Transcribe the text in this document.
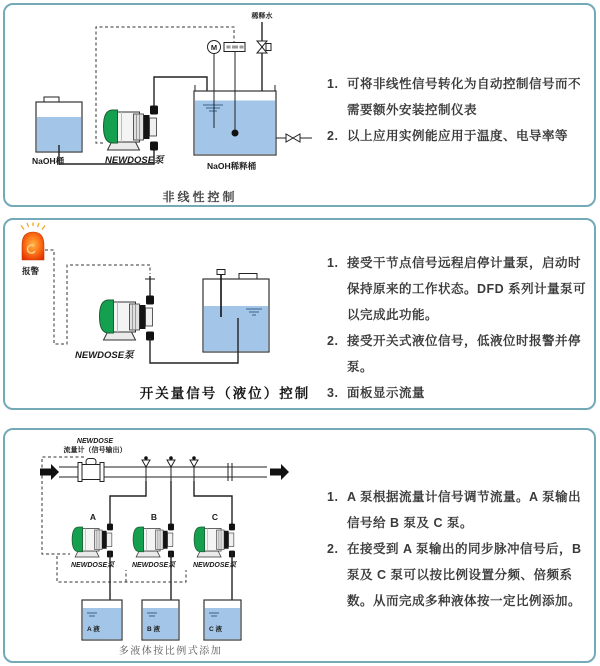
NaOH桶	NEWDOSE泵	NaOH稀释桶
M
稀释水
非线性控制
1. 可将非线性信号转化为自动控制信号而不需要额外安装控制仪表
2. 以上应用实例能应用于温度、电导率等
报警
NEWDOSE泵
开关量信号（液位）控制
1. 接受干节点信号远程启停计量泵，启动时保持原来的工作状态。DFD 系列计量泵可以完成此功能。
2. 接受开关式液位信号，低液位时报警并停泵。
3. 面板显示流量
NEWDOSE
流量计（信号输出）
A
NEWDOSE泵
B
NEWDOSE泵
C
NEWDOSE泵
A 液	B 液	C 液
多液体按比例式添加
1. A 泵根据流量计信号调节流量。A 泵输出信号给 B 泵及 C 泵。
2. 在接受到 A 泵输出的同步脉冲信号后，B 泵及 C 泵可以按比例设置分频、倍频系数。从而完成多种液体按一定比例添加。
